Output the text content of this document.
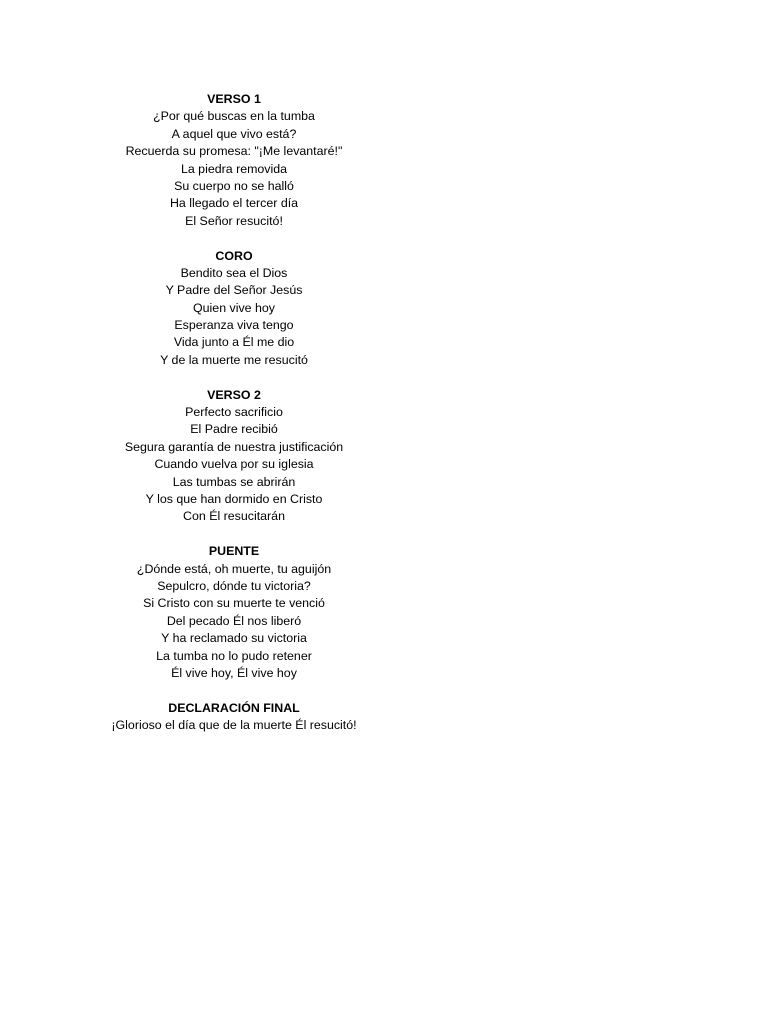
VERSO 1
¿Por qué buscas en la tumba
A aquel que vivo está?
Recuerda su promesa: "¡Me levantaré!"
La piedra removida
Su cuerpo no se halló
Ha llegado el tercer día
El Señor resucitó!
CORO
Bendito sea el Dios
Y Padre del Señor Jesús
Quien vive hoy
Esperanza viva tengo
Vida junto a Él me dio
Y de la muerte me resucitó
VERSO 2
Perfecto sacrificio
El Padre recibió
Segura garantía de nuestra justificación
Cuando vuelva por su iglesia
Las tumbas se abrirán
Y los que han dormido en Cristo
Con Él resucitarán
PUENTE
¿Dónde está, oh muerte, tu aguijón
Sepulcro, dónde tu victoria?
Si Cristo con su muerte te venció
Del pecado Él nos liberó
Y ha reclamado su victoria
La tumba no lo pudo retener
Él vive hoy, Él vive hoy
DECLARACIÓN FINAL
¡Glorioso el día que de la muerte Él resucitó!
